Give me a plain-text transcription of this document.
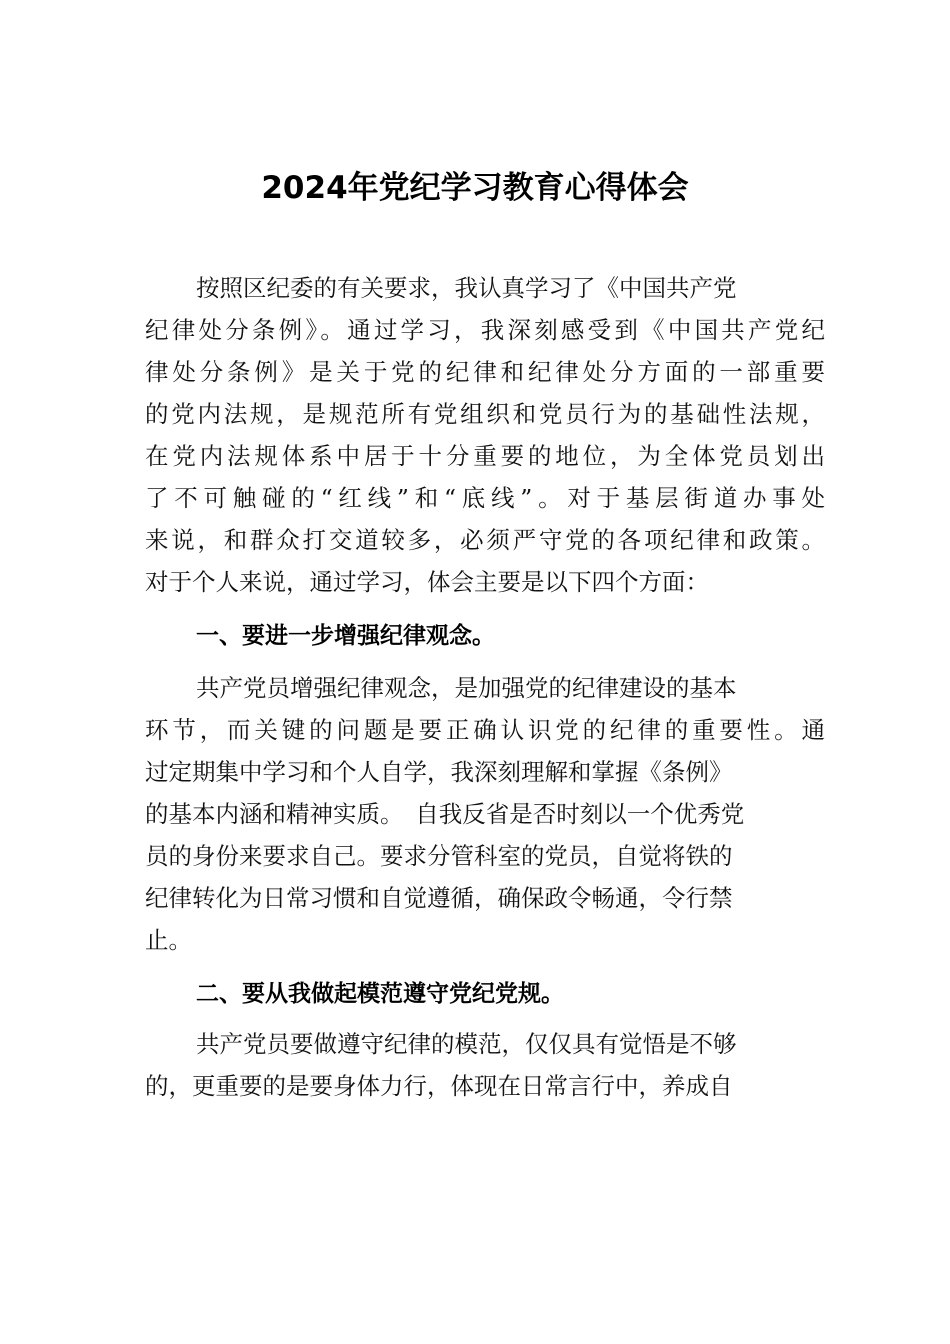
2024年党纪学习教育心得体会
按照区纪委的有关要求，我认真学习了《中国共产党
纪律处分条例》。通过学习，我深刻感受到《中国共产党纪
律处分条例》是关于党的纪律和纪律处分方面的一部重要
的党内法规，是规范所有党组织和党员行为的基础性法规，
在党内法规体系中居于十分重要的地位，为全体党员划出
了不可触碰的“红线”和“底线”。对于基层街道办事处
来说，和群众打交道较多，必须严守党的各项纪律和政策。
对于个人来说，通过学习，体会主要是以下四个方面：
一、要进一步增强纪律观念。
共产党员增强纪律观念，是加强党的纪律建设的基本
环节，而关键的问题是要正确认识党的纪律的重要性。通
过定期集中学习和个人自学，我深刻理解和掌握《条例》
的基本内涵和精神实质。　自我反省是否时刻以一个优秀党
员的身份来要求自己。要求分管科室的党员，自觉将铁的
纪律转化为日常习惯和自觉遵循，确保政令畅通，令行禁
止。
二、要从我做起模范遵守党纪党规。
共产党员要做遵守纪律的模范，仅仅具有觉悟是不够
的，更重要的是要身体力行，体现在日常言行中，养成自
